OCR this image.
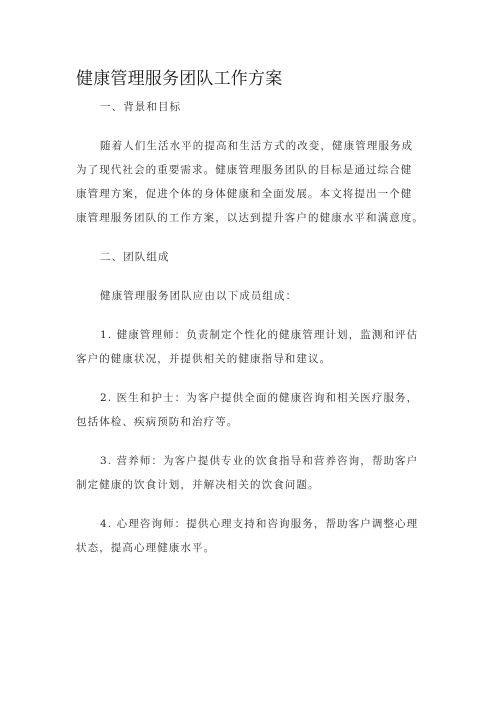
健康管理服务团队工作方案
一、背景和目标
随着人们生活水平的提高和生活方式的改变，健康管理服务成
为了现代社会的重要需求。健康管理服务团队的目标是通过综合健
康管理方案，促进个体的身体健康和全面发展。本文将提出一个健
康管理服务团队的工作方案，以达到提升客户的健康水平和满意度。
二、团队组成
健康管理服务团队应由以下成员组成：
1. 健康管理师：负责制定个性化的健康管理计划，监测和评估
客户的健康状况，并提供相关的健康指导和建议。
2. 医生和护士：为客户提供全面的健康咨询和相关医疗服务，
包括体检、疾病预防和治疗等。
3. 营养师：为客户提供专业的饮食指导和营养咨询，帮助客户
制定健康的饮食计划，并解决相关的饮食问题。
4. 心理咨询师：提供心理支持和咨询服务，帮助客户调整心理
状态，提高心理健康水平。
